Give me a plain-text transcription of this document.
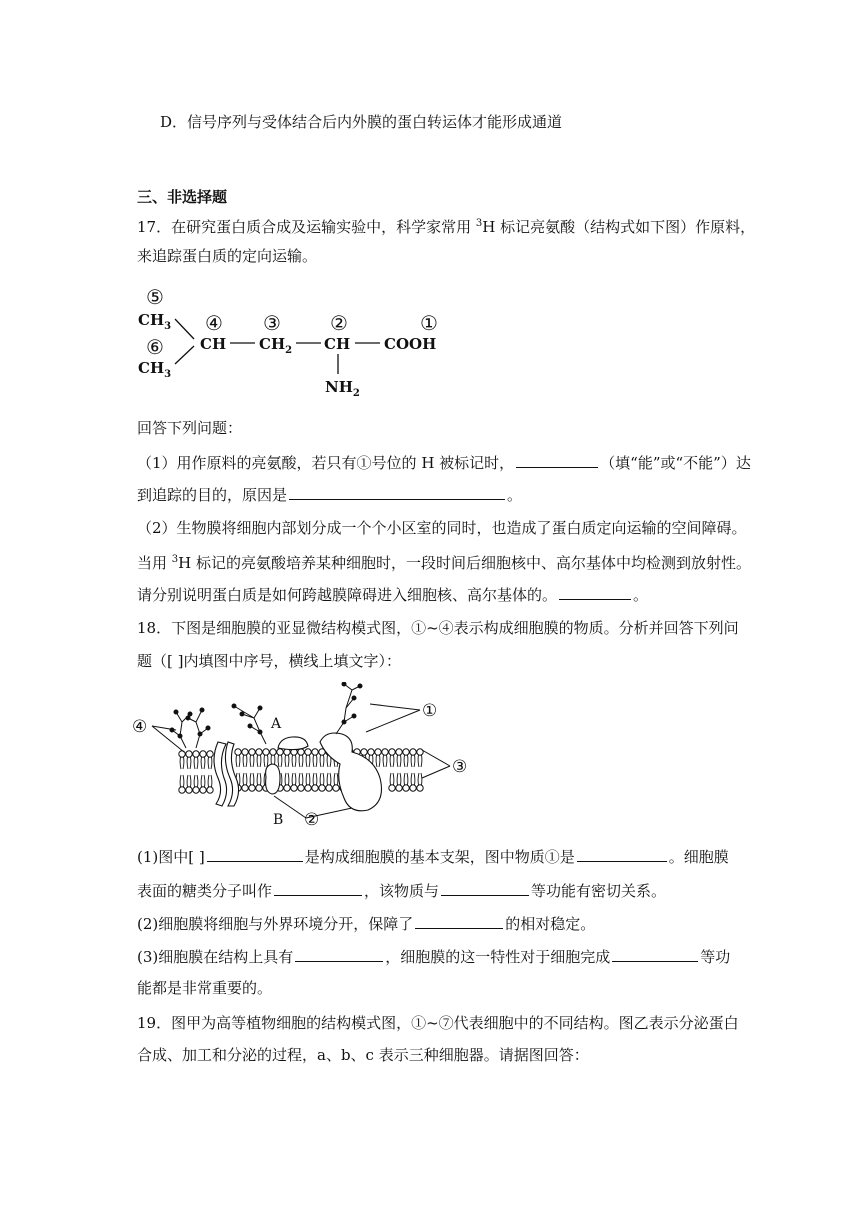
D．信号序列与受体结合后内外膜的蛋白转运体才能形成通道
三、非选择题
17．在研究蛋白质合成及运输实验中，科学家常用 $^3$H 标记亮氨酸（结构式如下图）作原料，
来追踪蛋白质的定向运输。
⑤
⑥
④ ③ ②	①
$CH_3$
$CH_3$
CH $CH_2$ CH COOH
$NH_2$
回答下列问题：
（1）用作原料的亮氨酸，若只有①号位的 H 被标记时，	（填“能”或“不能”）达
到追踪的目的，原因是	。
（2）生物膜将细胞内部划分成一个个小区室的同时，也造成了蛋白质定向运输的空间障碍。
当用 $^3$H 标记的亮氨酸培养某种细胞时，一段时间后细胞核中、高尔基体中均检测到放射性。
请分别说明蛋白质是如何跨越膜障碍进入细胞核、高尔基体的。	。
18．下图是细胞膜的亚显微结构模式图，①~④表示构成细胞膜的物质。分析并回答下列问
题（[ ]内填图中序号，横线上填文字）：
④
①
③
②
A
B
(1)图中[ ]	是构成细胞膜的基本支架，图中物质①是	。细胞膜
表面的糖类分子叫作	，该物质与	等功能有密切关系。
(2)细胞膜将细胞与外界环境分开，保障了	的相对稳定。
(3)细胞膜在结构上具有	，细胞膜的这一特性对于细胞完成	等功
能都是非常重要的。
19．图甲为高等植物细胞的结构模式图，①~⑦代表细胞中的不同结构。图乙表示分泌蛋白
合成、加工和分泌的过程，a、b、c 表示三种细胞器。请据图回答：
